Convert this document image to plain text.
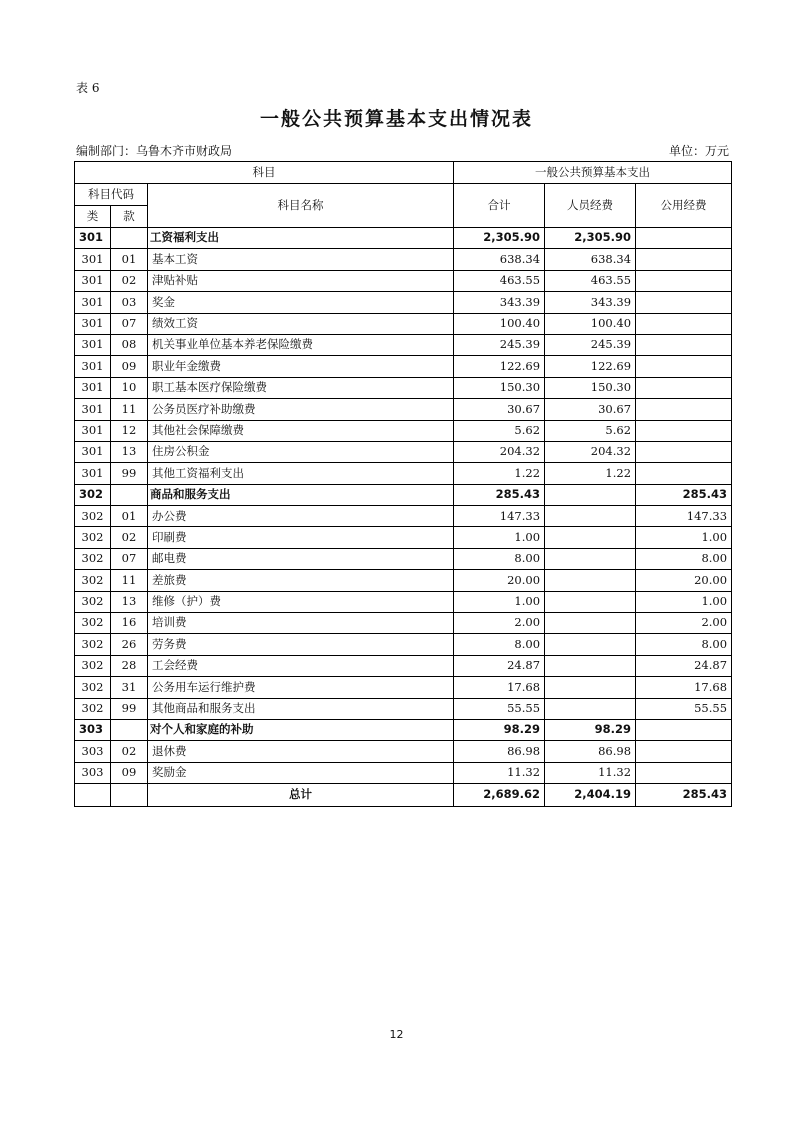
表 6
一般公共预算基本支出情况表
编制部门：乌鲁木齐市财政局	单位：万元
科目			一般公共预算基本支出		
科目代码		科目名称	合计	人员经费	公用经费
类	款				
301		工资福利支出	2,305.90	2,305.90	
301	01	基本工资	638.34	638.34	
301	02	津贴补贴	463.55	463.55	
301	03	奖金	343.39	343.39	
301	07	绩效工资	100.40	100.40	
301	08	机关事业单位基本养老保险缴费	245.39	245.39	
301	09	职业年金缴费	122.69	122.69	
301	10	职工基本医疗保险缴费	150.30	150.30	
301	11	公务员医疗补助缴费	30.67	30.67	
301	12	其他社会保障缴费	5.62	5.62	
301	13	住房公积金	204.32	204.32	
301	99	其他工资福利支出	1.22	1.22	
302		商品和服务支出	285.43		285.43
302	01	办公费	147.33		147.33
302	02	印刷费	1.00		1.00
302	07	邮电费	8.00		8.00
302	11	差旅费	20.00		20.00
302	13	维修（护）费	1.00		1.00
302	16	培训费	2.00		2.00
302	26	劳务费	8.00		8.00
302	28	工会经费	24.87		24.87
302	31	公务用车运行维护费	17.68		17.68
302	99	其他商品和服务支出	55.55		55.55
303		对个人和家庭的补助	98.29	98.29	
303	02	退休费	86.98	86.98	
303	09	奖励金	11.32	11.32	
		总计	2,689.62	2,404.19	285.43
12
